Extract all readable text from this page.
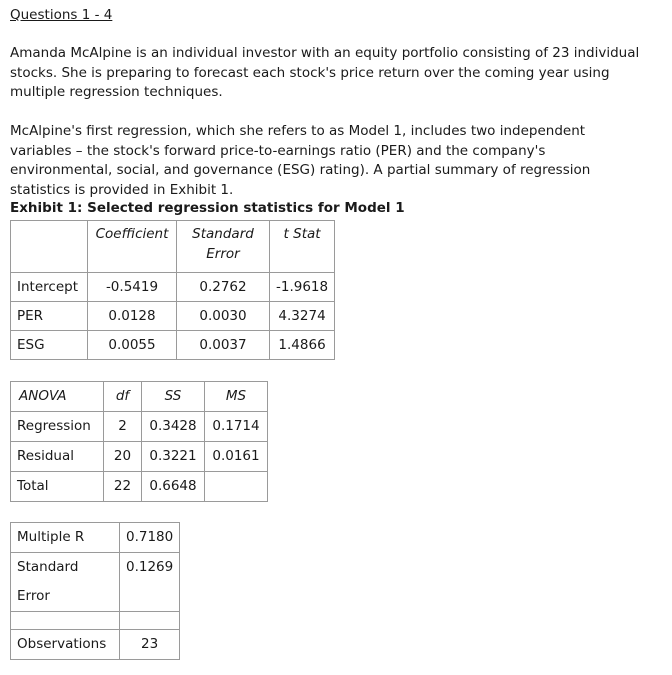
Questions 1 - 4

Amanda McAlpine is an individual investor with an equity portfolio consisting of 23 individual stocks. She is preparing to forecast each stock's price return over the coming year using multiple regression techniques.

McAlpine's first regression, which she refers to as Model 1, includes two independent variables – the stock's forward price-to-earnings ratio (PER) and the company's environmental, social, and governance (ESG) rating). A partial summary of regression statistics is provided in Exhibit 1.

Exhibit 1: Selected regression statistics for Model 1
	Coefficient	Standard Error	t Stat
Intercept	-0.5419	0.2762	-1.9618
PER	0.0128	0.0030	4.3274
ESG	0.0055	0.0037	1.4866
ANOVA	df	SS	MS
Regression	2	0.3428	0.1714
Residual	20	0.3221	0.0161
Total	22	0.6648	
Multiple R	0.7180
Standard Error	0.1269

Observations	23
